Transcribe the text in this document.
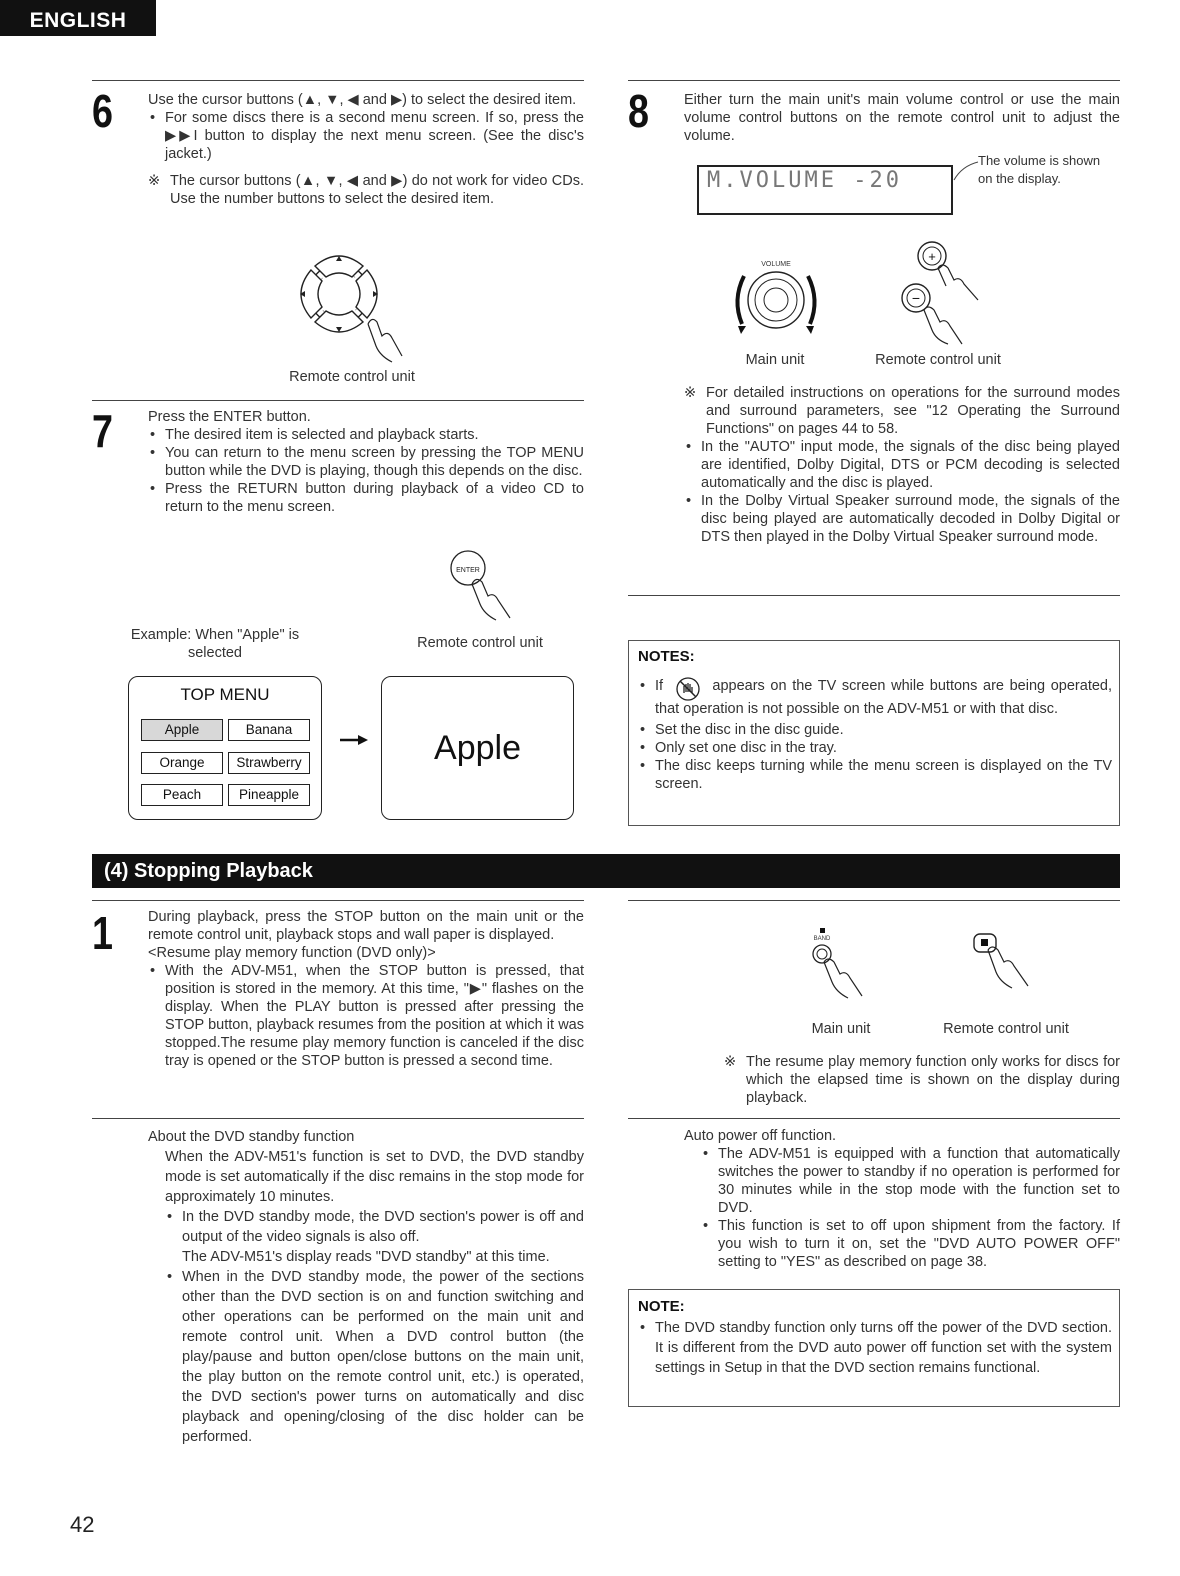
ENGLISH
6 Use the cursor buttons (▲, ▼, ◀ and ▶) to select the desired item.

• For some discs there is a second menu screen. If so, press the ▶▶I button to display the next menu screen. (See the disc's jacket.)

※ The cursor buttons (▲, ▼, ◀ and ▶) do not work for video CDs. Use the number buttons to select the desired item.

Remote control unit
7 Press the ENTER button.

• The desired item is selected and playback starts.

• You can return to the menu screen by pressing the TOP MENU button while the DVD is playing, though this depends on the disc.

• Press the RETURN button during playback of a video CD to return to the menu screen.

ENTER
Remote control unit
Example: When "Apple" is selected
TOP MENU
Apple	Banana
Orange	Strawberry
Peach	Pineapple
Apple
8 Either turn the main unit's main volume control or use the main volume control buttons on the remote control unit to adjust the volume.

M.VOLUME -20
The volume is shown
on the display.
VOLUME
+
−
Main unit	Remote control unit

※ For detailed instructions on operations for the surround modes and surround parameters, see "12 Operating the Surround Functions" on pages 44 to 58.

• In the "AUTO" input mode, the signals of the disc being played are identified, Dolby Digital, DTS or PCM decoding is selected automatically and the disc is played.

• In the Dolby Virtual Speaker surround mode, the signals of the disc being played are automatically decoded in Dolby Digital or DTS then played in the Dolby Virtual Speaker surround mode.

NOTES:

• If	appears on the TV screen while buttons are being operated, that operation is not possible on the ADV-M51 or with that disc.

• Set the disc in the disc guide.

• Only set one disc in the tray.

• The disc keeps turning while the menu screen is displayed on the TV screen.

(4) Stopping Playback
1 During playback, press the STOP button on the main unit or the remote control unit, playback stops and wall paper is displayed.

<Resume play memory function (DVD only)>

• With the ADV-M51, when the STOP button is pressed, that position is stored in the memory. At this time, "▶" flashes on the display. When the PLAY button is pressed after pressing the STOP button, playback resumes from the position at which it was stopped.The resume play memory function is canceled if the disc tray is opened or the STOP button is pressed a second time.

BAND
Main unit	Remote control unit

※ The resume play memory function only works for discs for which the elapsed time is shown on the display during playback.

About the DVD standby function

When the ADV-M51's function is set to DVD, the DVD standby mode is set automatically if the disc remains in the stop mode for approximately 10 minutes.

• In the DVD standby mode, the DVD section's power is off and output of the video signals is also off.

The ADV-M51's display reads "DVD standby" at this time.

• When in the DVD standby mode, the power of the sections other than the DVD section is on and function switching and other operations can be performed on the main unit and remote control unit. When a DVD control button (the play/pause and button open/close buttons on the main unit, the play button on the remote control unit, etc.) is operated, the DVD section's power turns on automatically and disc playback and opening/closing of the disc holder can be performed.

Auto power off function.

• The ADV-M51 is equipped with a function that automatically switches the power to standby if no operation is performed for 30 minutes while in the stop mode with the function set to DVD.

• This function is set to off upon shipment from the factory. If you wish to turn it on, set the "DVD AUTO POWER OFF" setting to "YES" as described on page 38.

NOTE:

• The DVD standby function only turns off the power of the DVD section. It is different from the DVD auto power off function set with the system settings in Setup in that the DVD section remains functional.

42
